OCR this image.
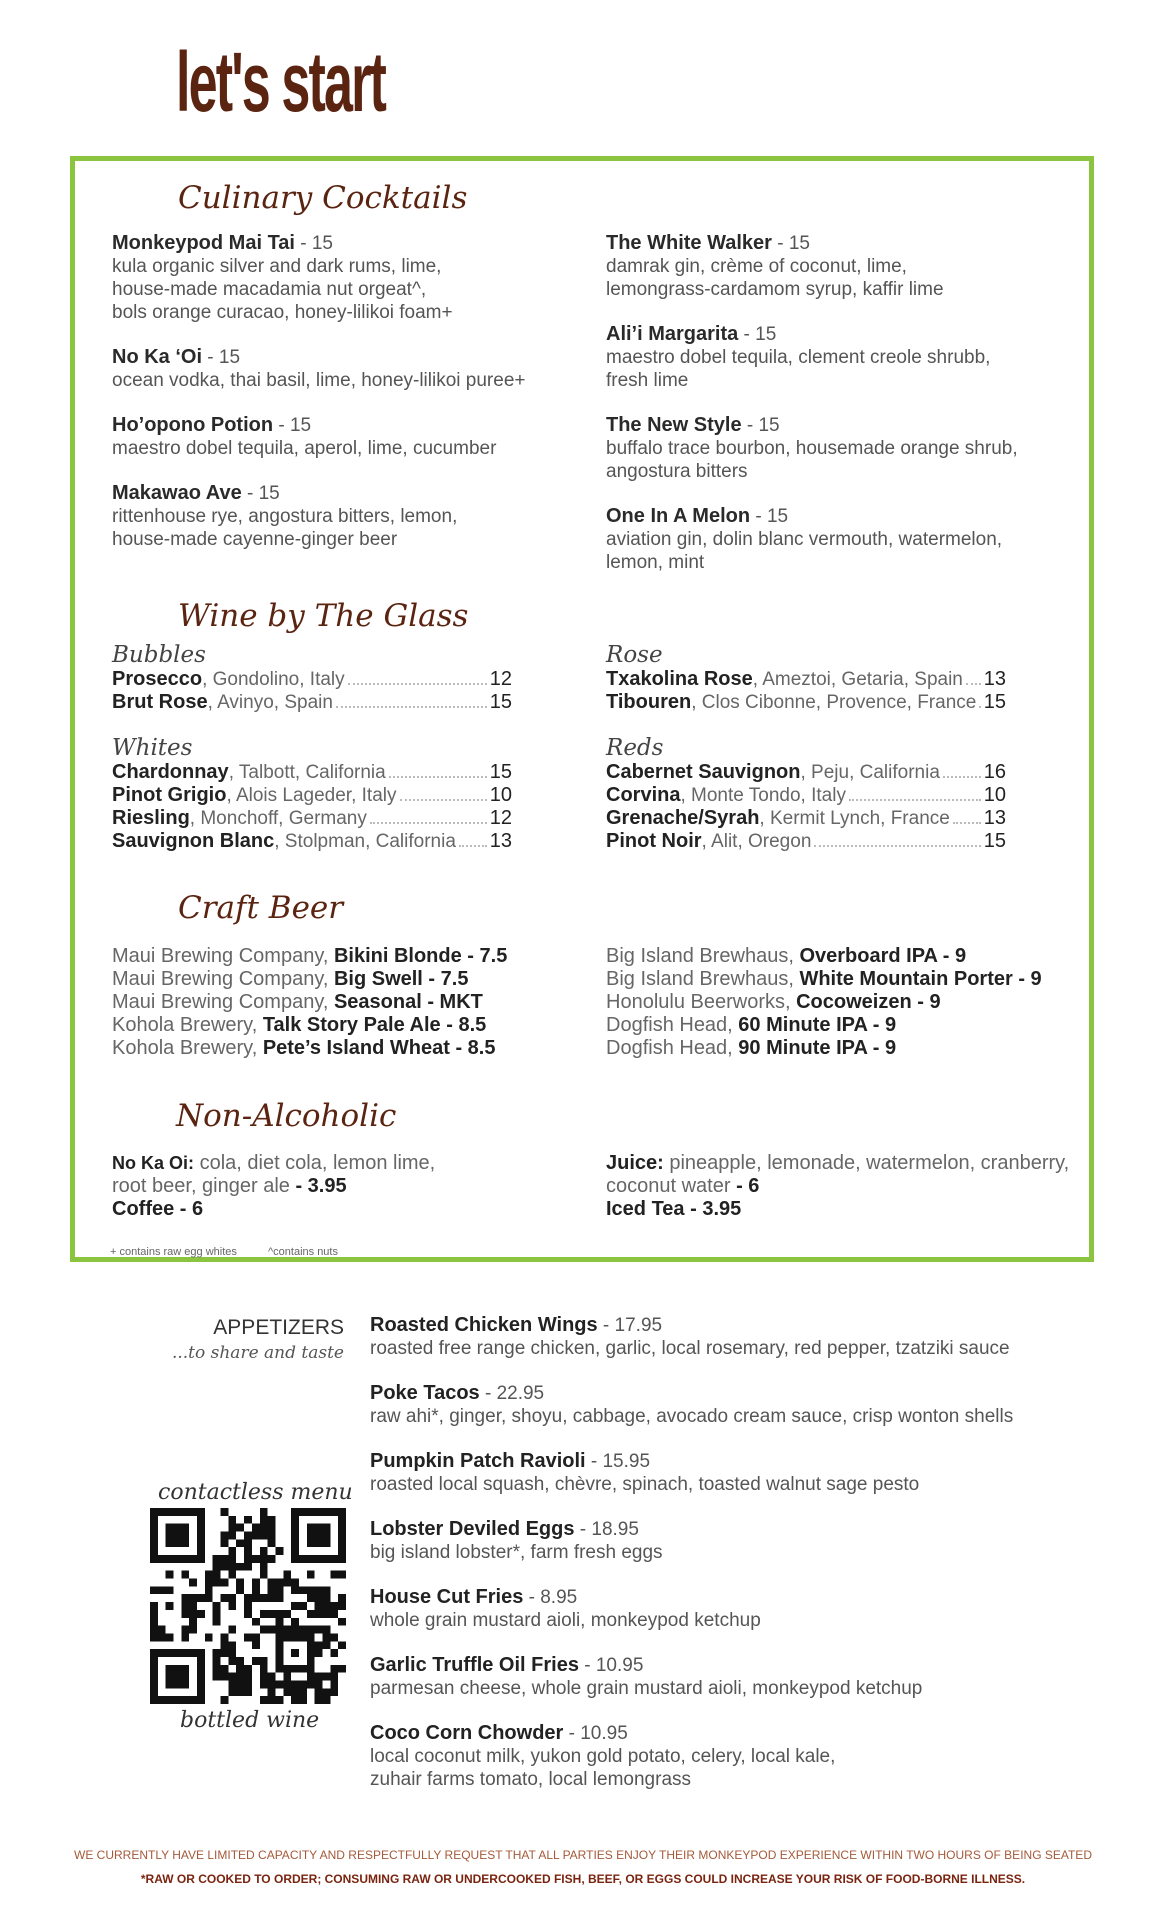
let's start
Culinary Cocktails
Monkeypod Mai Tai - 15
kula organic silver and dark rums, lime,
house-made macadamia nut orgeat^,
bols orange curacao, honey-lilikoi foam+
No Ka ‘Oi - 15
ocean vodka, thai basil, lime, honey-lilikoi puree+
Ho’opono Potion - 15
maestro dobel tequila, aperol, lime, cucumber
Makawao Ave - 15
rittenhouse rye, angostura bitters, lemon,
house-made cayenne-ginger beer
The White Walker - 15
damrak gin, crème of coconut, lime,
lemongrass-cardamom syrup, kaffir lime
Ali’i Margarita - 15
maestro dobel tequila, clement creole shrubb,
fresh lime
The New Style - 15
buffalo trace bourbon, housemade orange shrub,
angostura bitters
One In A Melon - 15
aviation gin, dolin blanc vermouth, watermelon,
lemon, mint
Wine by The Glass
Bubbles
Prosecco, Gondolino, Italy	12
Brut Rose, Avinyo, Spain	15
Rose
Txakolina Rose, Ameztoi, Getaria, Spain 13
Tibouren, Clos Cibonne, Provence, France 15
Whites
Chardonnay, Talbott, California	15
Pinot Grigio, Alois Lageder, Italy	10
Riesling, Monchoff, Germany	12
Sauvignon Blanc, Stolpman, California 13
Reds
Cabernet Sauvignon, Peju, California 16
Corvina, Monte Tondo, Italy	10
Grenache/Syrah, Kermit Lynch, France 13
Pinot Noir, Alit, Oregon	15
Craft Beer
Maui Brewing Company, Bikini Blonde - 7.5
Maui Brewing Company, Big Swell - 7.5
Maui Brewing Company, Seasonal - MKT
Kohola Brewery, Talk Story Pale Ale - 8.5
Kohola Brewery, Pete’s Island Wheat - 8.5
Big Island Brewhaus, Overboard IPA - 9
Big Island Brewhaus, White Mountain Porter - 9
Honolulu Beerworks, Cocoweizen - 9
Dogfish Head, 60 Minute IPA - 9
Dogfish Head, 90 Minute IPA - 9
Non-Alcoholic
No Ka Oi: cola, diet cola, lemon lime,
root beer, ginger ale - 3.95
Coffee - 6
Juice: pineapple, lemonade, watermelon, cranberry,
coconut water - 6
Iced Tea - 3.95
+ contains raw egg whites	^contains nuts
APPETIZERS
...to share and taste
Roasted Chicken Wings - 17.95
roasted free range chicken, garlic, local rosemary, red pepper, tzatziki sauce
Poke Tacos - 22.95
raw ahi*, ginger, shoyu, cabbage, avocado cream sauce, crisp wonton shells
Pumpkin Patch Ravioli - 15.95
roasted local squash, chèvre, spinach, toasted walnut sage pesto
Lobster Deviled Eggs - 18.95
big island lobster*, farm fresh eggs
House Cut Fries - 8.95
whole grain mustard aioli, monkeypod ketchup
Garlic Truffle Oil Fries - 10.95
parmesan cheese, whole grain mustard aioli, monkeypod ketchup
Coco Corn Chowder - 10.95
local coconut milk, yukon gold potato, celery, local kale,
zuhair farms tomato, local lemongrass
contactless menu
bottled wine
WE CURRENTLY HAVE LIMITED CAPACITY AND RESPECTFULLY REQUEST THAT ALL PARTIES ENJOY THEIR MONKEYPOD EXPERIENCE WITHIN TWO HOURS OF BEING SEATED
*RAW OR COOKED TO ORDER; CONSUMING RAW OR UNDERCOOKED FISH, BEEF, OR EGGS COULD INCREASE YOUR RISK OF FOOD-BORNE ILLNESS.
